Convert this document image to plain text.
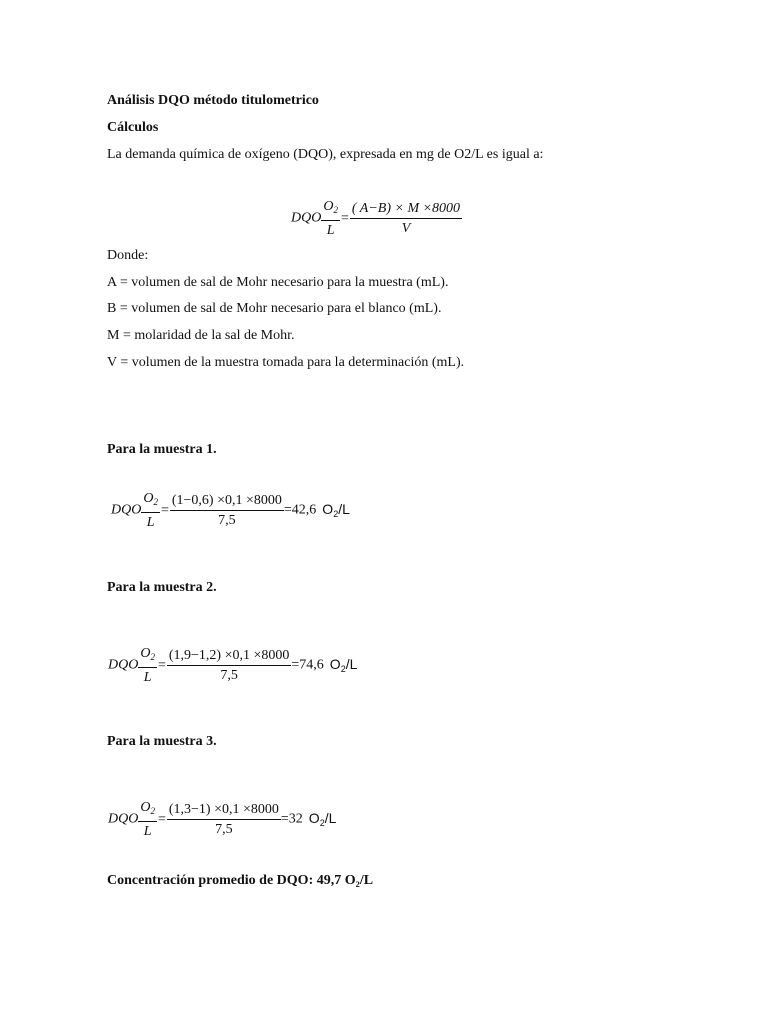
Análisis DQO método titulometrico
Cálculos
La demanda química de oxígeno (DQO), expresada en mg de O2/L es igual a:
DQO $\frac{O_2}{L} = \frac{( A-B) \times M \times 8000}{V}$
Donde:
A = volumen de sal de Mohr necesario para la muestra (mL).
B = volumen de sal de Mohr necesario para el blanco (mL).
M = molaridad de la sal de Mohr.
V = volumen de la muestra tomada para la determinación (mL).
Para la muestra 1.
DQO $\frac{O_2}{L} = \frac{(1-0,6) \times 0,1 \times 8000}{7,5} =42,6$ $O_2/L$
Para la muestra 2.
DQO $\frac{O_2}{L} = \frac{(1,9-1,2) \times 0,1 \times 8000}{7,5} =74,6$ $O_2/L$
Para la muestra 3.
DQO $\frac{O_2}{L} = \frac{(1,3-1) \times 0,1 \times 8000}{7,5} =32$ $O_2/L$
Concentración promedio de DQO: 49,7 O₂/L
